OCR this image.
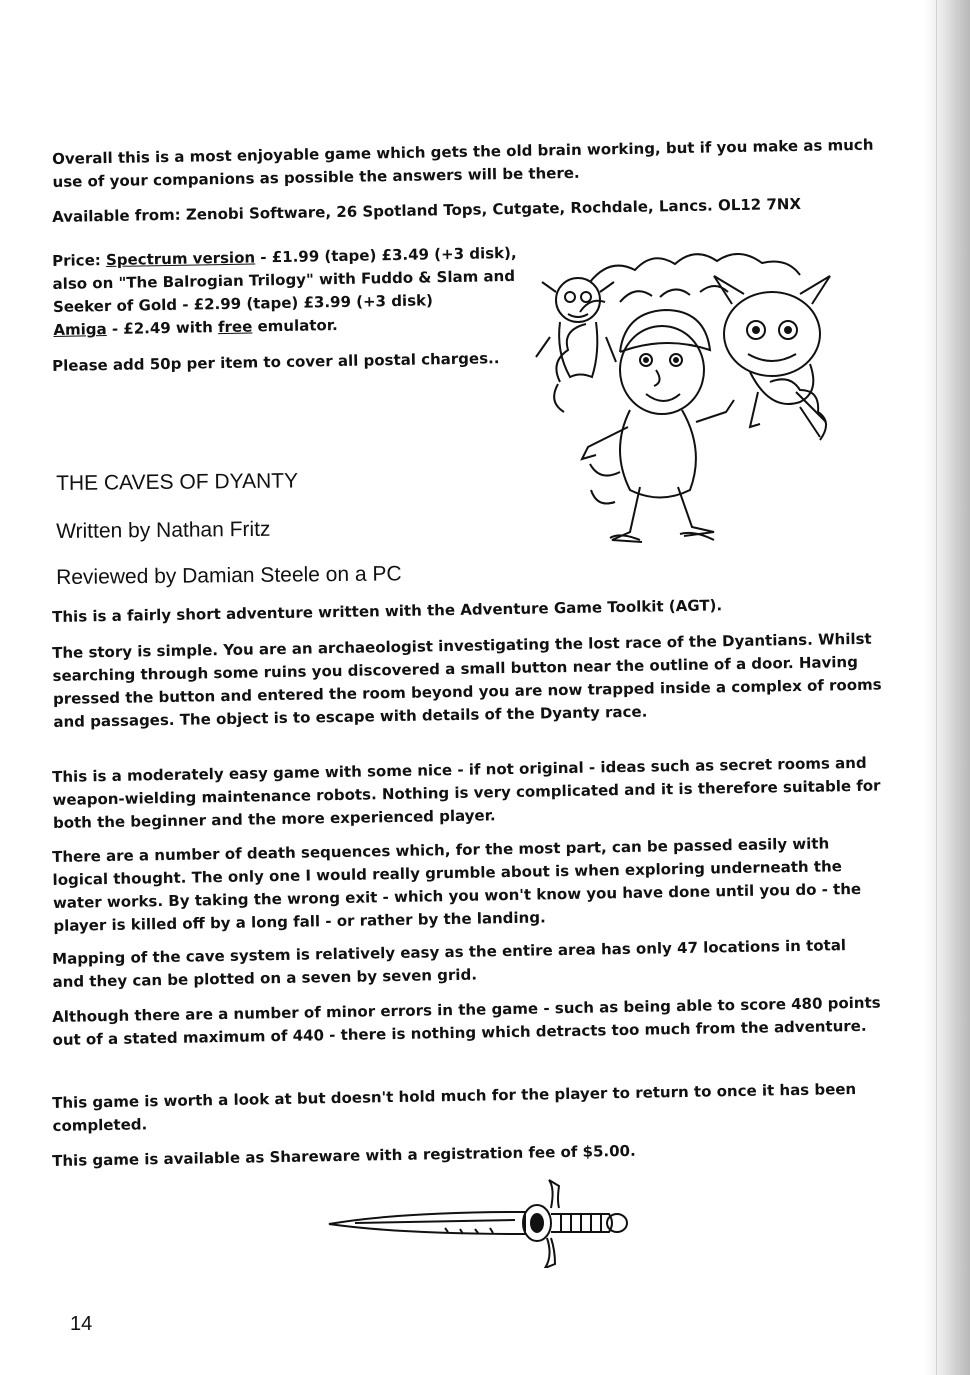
Overall this is a most enjoyable game which gets the old brain working, but if you make as much use of your companions as possible the answers will be there.

Available from: Zenobi Software, 26 Spotland Tops, Cutgate, Rochdale, Lancs. OL12 7NX

Price: Spectrum version - £1.99 (tape) £3.49 (+3 disk), also on "The Balrogian Trilogy" with Fuddo & Slam and Seeker of Gold - £2.99 (tape) £3.99 (+3 disk)
Amiga - £2.49 with free emulator.

Please add 50p per item to cover all postal charges..

THE CAVES OF DYANTY
Written by Nathan Fritz
Reviewed by Damian Steele on a PC

This is a fairly short adventure written with the Adventure Game Toolkit (AGT).

The story is simple. You are an archaeologist investigating the lost race of the Dyantians. Whilst searching through some ruins you discovered a small button near the outline of a door. Having pressed the button and entered the room beyond you are now trapped inside a complex of rooms and passages. The object is to escape with details of the Dyanty race.

This is a moderately easy game with some nice - if not original - ideas such as secret rooms and weapon-wielding maintenance robots. Nothing is very complicated and it is therefore suitable for both the beginner and the more experienced player.

There are a number of death sequences which, for the most part, can be passed easily with logical thought. The only one I would really grumble about is when exploring underneath the water works. By taking the wrong exit - which you won't know you have done until you do - the player is killed off by a long fall - or rather by the landing.

Mapping of the cave system is relatively easy as the entire area has only 47 locations in total and they can be plotted on a seven by seven grid.

Although there are a number of minor errors in the game - such as being able to score 480 points out of a stated maximum of 440 - there is nothing which detracts too much from the adventure.

This game is worth a look at but doesn't hold much for the player to return to once it has been completed.

This game is available as Shareware with a registration fee of $5.00.

14
